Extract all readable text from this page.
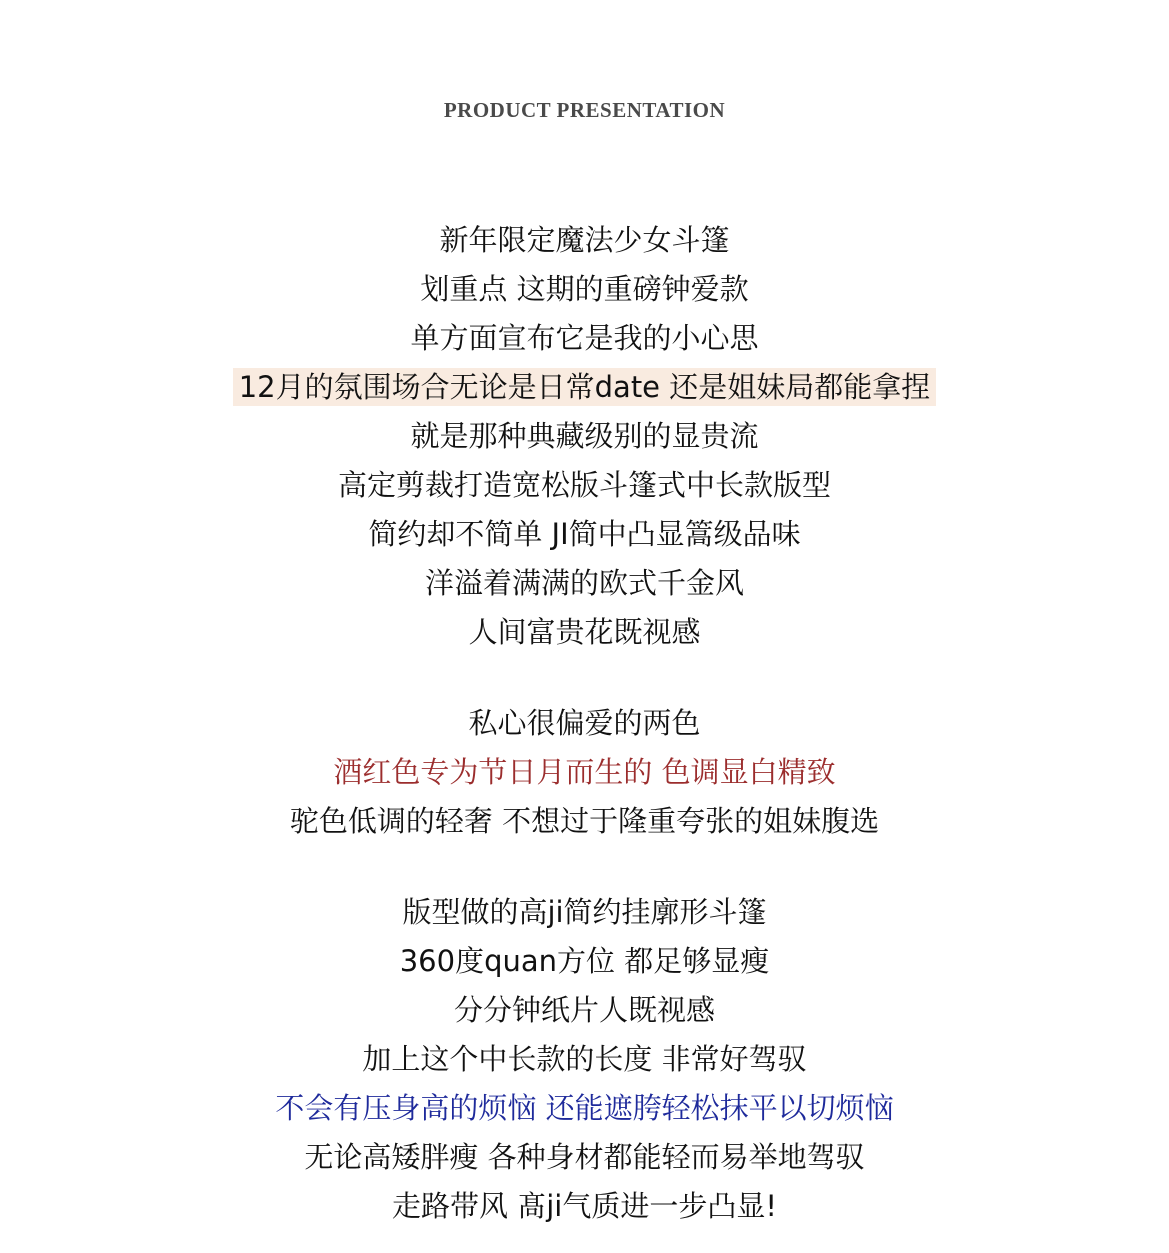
PRODUCT PRESENTATION
新年限定魔法少女斗篷
划重点 这期的重磅钟爱款
单方面宣布它是我的小心思
12月的氛围场合无论是日常date 还是姐妹局都能拿捏
就是那种典藏级别的显贵流
高定剪裁打造宽松版斗篷式中长款版型
简约却不简单 JI简中凸显篙级品味
洋溢着满满的欧式千金风
人间富贵花既视感
私心很偏爱的两色
酒红色专为节日月而生的 色调显白精致
驼色低调的轻奢 不想过于隆重夸张的姐妹腹选
版型做的高ji简约挂廓形斗篷
360度quan方位 都足够显瘦
分分钟纸片人既视感
加上这个中长款的长度 非常好驾驭
不会有压身高的烦恼 还能遮胯轻松抹平以切烦恼
无论高矮胖瘦 各种身材都能轻而易举地驾驭
走路带风 髙ji气质进一步凸显!
